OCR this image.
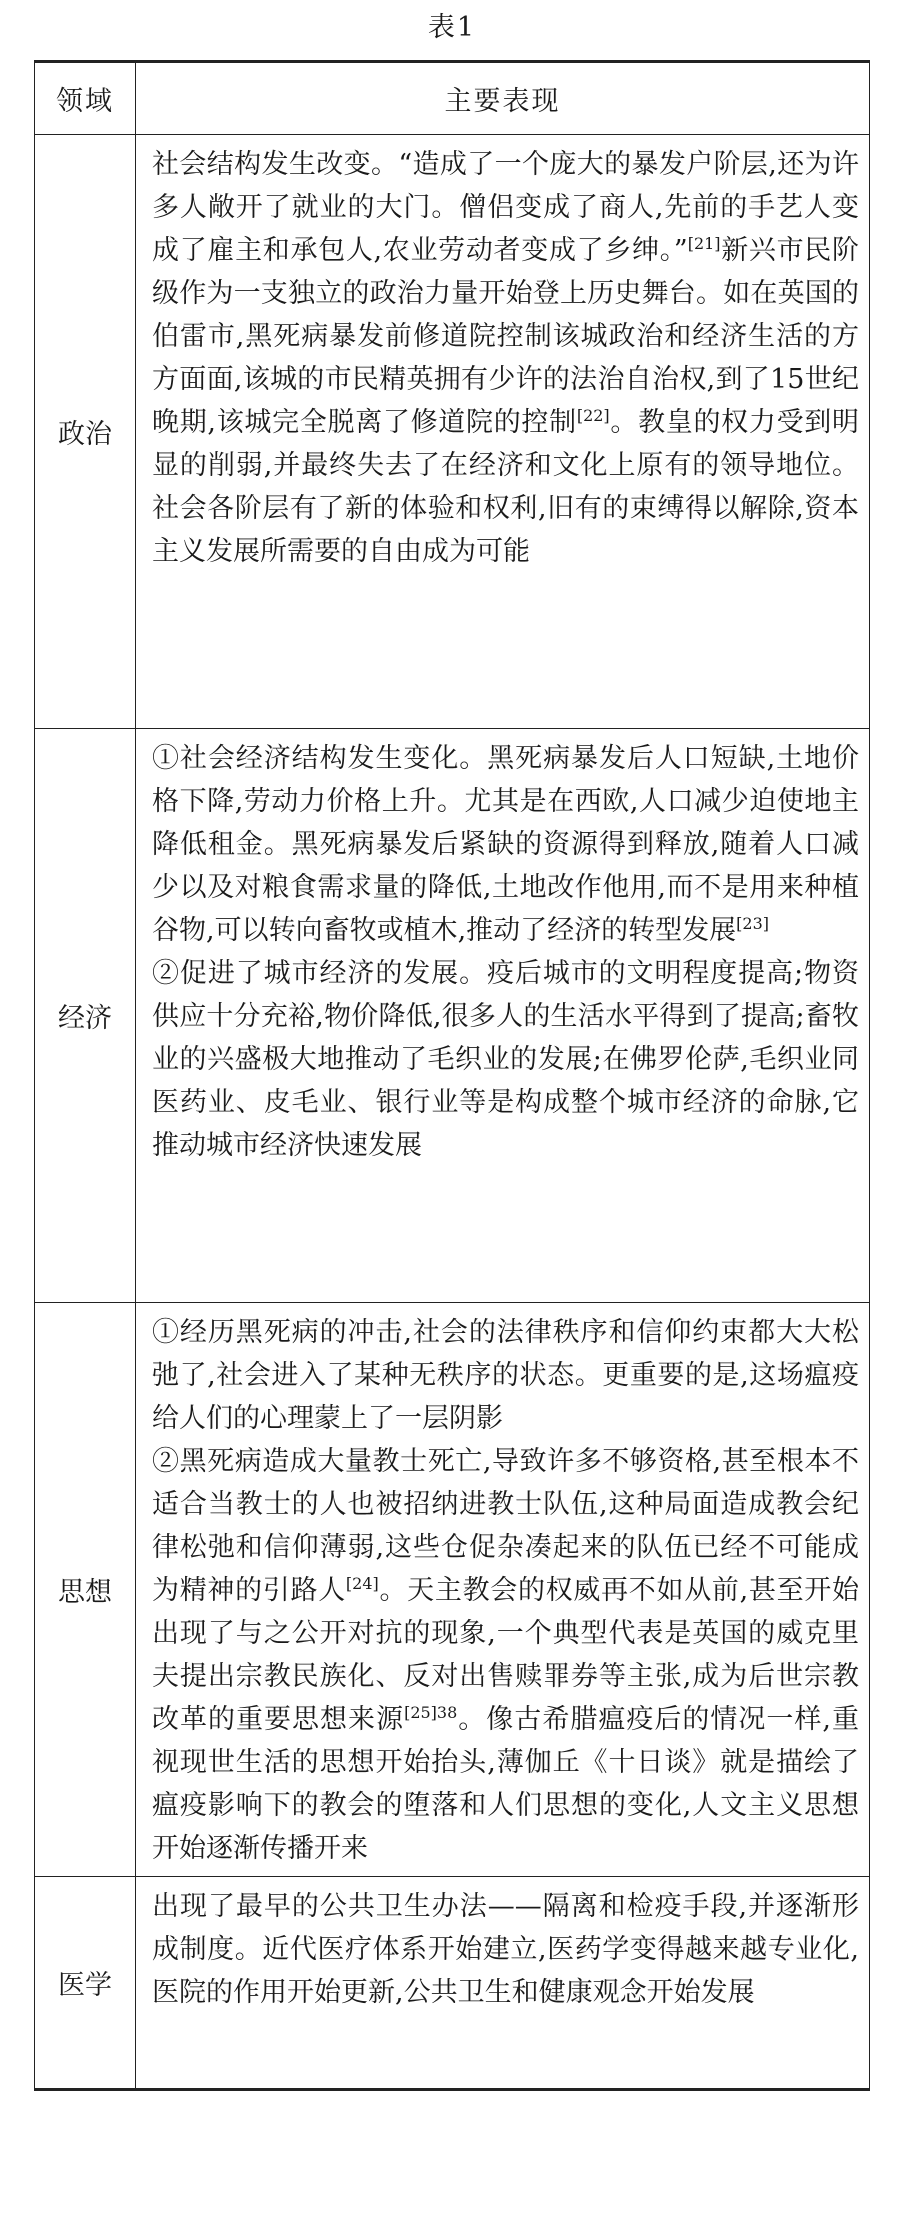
表1
领域	主要表现
政治	社会结构发生改变。“造成了一个庞大的暴发户阶层,还为许多人敞开了就业的大门。僧侣变成了商人,先前的手艺人变成了雇主和承包人,农业劳动者变成了乡绅。”[21]新兴市民阶级作为一支独立的政治力量开始登上历史舞台。如在英国的伯雷市,黑死病暴发前修道院控制该城政治和经济生活的方方面面,该城的市民精英拥有少许的法治自治权,到了15世纪晚期,该城完全脱离了修道院的控制[22]。教皇的权力受到明显的削弱,并最终失去了在经济和文化上原有的领导地位。社会各阶层有了新的体验和权利,旧有的束缚得以解除,资本主义发展所需要的自由成为可能

经济	①社会经济结构发生变化。黑死病暴发后人口短缺,土地价格下降,劳动力价格上升。尤其是在西欧,人口减少迫使地主降低租金。黑死病暴发后紧缺的资源得到释放,随着人口减少以及对粮食需求量的降低,土地改作他用,而不是用来种植谷物,可以转向畜牧或植木,推动了经济的转型发展[23]

②促进了城市经济的发展。疫后城市的文明程度提高;物资供应十分充裕,物价降低,很多人的生活水平得到了提高;畜牧业的兴盛极大地推动了毛织业的发展;在佛罗伦萨,毛织业同医药业、皮毛业、银行业等是构成整个城市经济的命脉,它推动城市经济快速发展

思想	①经历黑死病的冲击,社会的法律秩序和信仰约束都大大松弛了,社会进入了某种无秩序的状态。更重要的是,这场瘟疫给人们的心理蒙上了一层阴影

②黑死病造成大量教士死亡,导致许多不够资格,甚至根本不适合当教士的人也被招纳进教士队伍,这种局面造成教会纪律松弛和信仰薄弱,这些仓促杂凑起来的队伍已经不可能成为精神的引路人[24]。天主教会的权威再不如从前,甚至开始出现了与之公开对抗的现象,一个典型代表是英国的威克里夫提出宗教民族化、反对出售赎罪券等主张,成为后世宗教改革的重要思想来源$^{[25]38}$。像古希腊瘟疫后的情况一样,重视现世生活的思想开始抬头,薄伽丘《十日谈》就是描绘了瘟疫影响下的教会的堕落和人们思想的变化,人文主义思想开始逐渐传播开来

医学	出现了最早的公共卫生办法——隔离和检疫手段,并逐渐形成制度。近代医疗体系开始建立,医药学变得越来越专业化,医院的作用开始更新,公共卫生和健康观念开始发展
